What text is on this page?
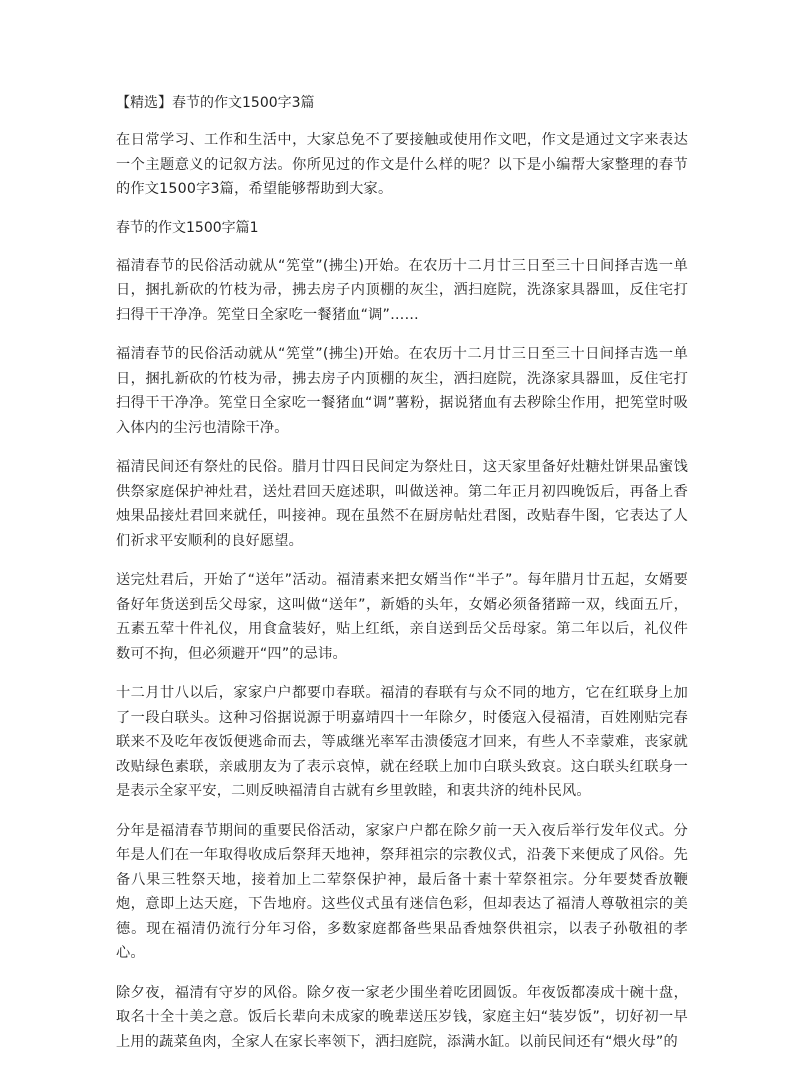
【精选】春节的作文1500字3篇

在日常学习、工作和生活中，大家总免不了要接触或使用作文吧，作文是通过文字来表达一个主题意义的记叙方法。你所见过的作文是什么样的呢？以下是小编帮大家整理的春节的作文1500字3篇，希望能够帮助到大家。

春节的作文1500字篇1

福清春节的民俗活动就从“筅堂”(拂尘)开始。在农历十二月廿三日至三十日间择吉选一单日，捆扎新砍的竹枝为帚，拂去房子内顶棚的灰尘，洒扫庭院，洗涤家具器皿，反住宅打扫得干干净净。筅堂日全家吃一餐猪血“调”……

福清春节的民俗活动就从“筅堂”(拂尘)开始。在农历十二月廿三日至三十日间择吉选一单日，捆扎新砍的竹枝为帚，拂去房子内顶棚的灰尘，洒扫庭院，洗涤家具器皿，反住宅打扫得干干净净。筅堂日全家吃一餐猪血“调”薯粉，据说猪血有去秽除尘作用，把筅堂时吸入体内的尘污也清除干净。

福清民间还有祭灶的民俗。腊月廿四日民间定为祭灶日，这天家里备好灶糖灶饼果品蜜饯供祭家庭保护神灶君，送灶君回天庭述职，叫做送神。第二年正月初四晚饭后，再备上香烛果品接灶君回来就任，叫接神。现在虽然不在厨房帖灶君图，改贴春牛图，它表达了人们祈求平安顺利的良好愿望。

送完灶君后，开始了“送年”活动。福清素来把女婿当作“半子”。每年腊月廿五起，女婿要备好年货送到岳父母家，这叫做“送年”，新婚的头年，女婿必须备猪蹄一双，线面五斤，五素五荤十件礼仪，用食盒装好，贴上红纸，亲自送到岳父岳母家。第二年以后，礼仪件数可不拘，但必须避开“四”的忌讳。

十二月廿八以后，家家户户都要巾春联。福清的春联有与众不同的地方，它在红联身上加了一段白联头。这种习俗据说源于明嘉靖四十一年除夕，时倭寇入侵福清，百姓刚贴完春联来不及吃年夜饭便逃命而去，等戚继光率军击溃倭寇才回来，有些人不幸蒙难，丧家就改贴绿色素联，亲戚朋友为了表示哀悼，就在经联上加巾白联头致哀。这白联头红联身一是表示全家平安，二则反映福清自古就有乡里敦睦，和衷共济的纯朴民风。

分年是福清春节期间的重要民俗活动，家家户户都在除夕前一天入夜后举行发年仪式。分年是人们在一年取得收成后祭拜天地神，祭拜祖宗的宗教仪式，沿袭下来便成了风俗。先备八果三牲祭天地，接着加上二荤祭保护神，最后备十素十荤祭祖宗。分年要焚香放鞭炮，意即上达天庭，下告地府。这些仪式虽有迷信色彩，但却表达了福清人尊敬祖宗的美德。现在福清仍流行分年习俗，多数家庭都备些果品香烛祭供祖宗，以表子孙敬祖的孝心。

除夕夜，福清有守岁的风俗。除夕夜一家老少围坐着吃团圆饭。年夜饭都凑成十碗十盘，取名十全十美之意。饭后长辈向未成家的晚辈送压岁钱，家庭主妇“装岁饭”，切好初一早上用的蔬菜鱼肉，全家人在家长率领下，洒扫庭院，添满水缸。以前民间还有“煨火母”的
